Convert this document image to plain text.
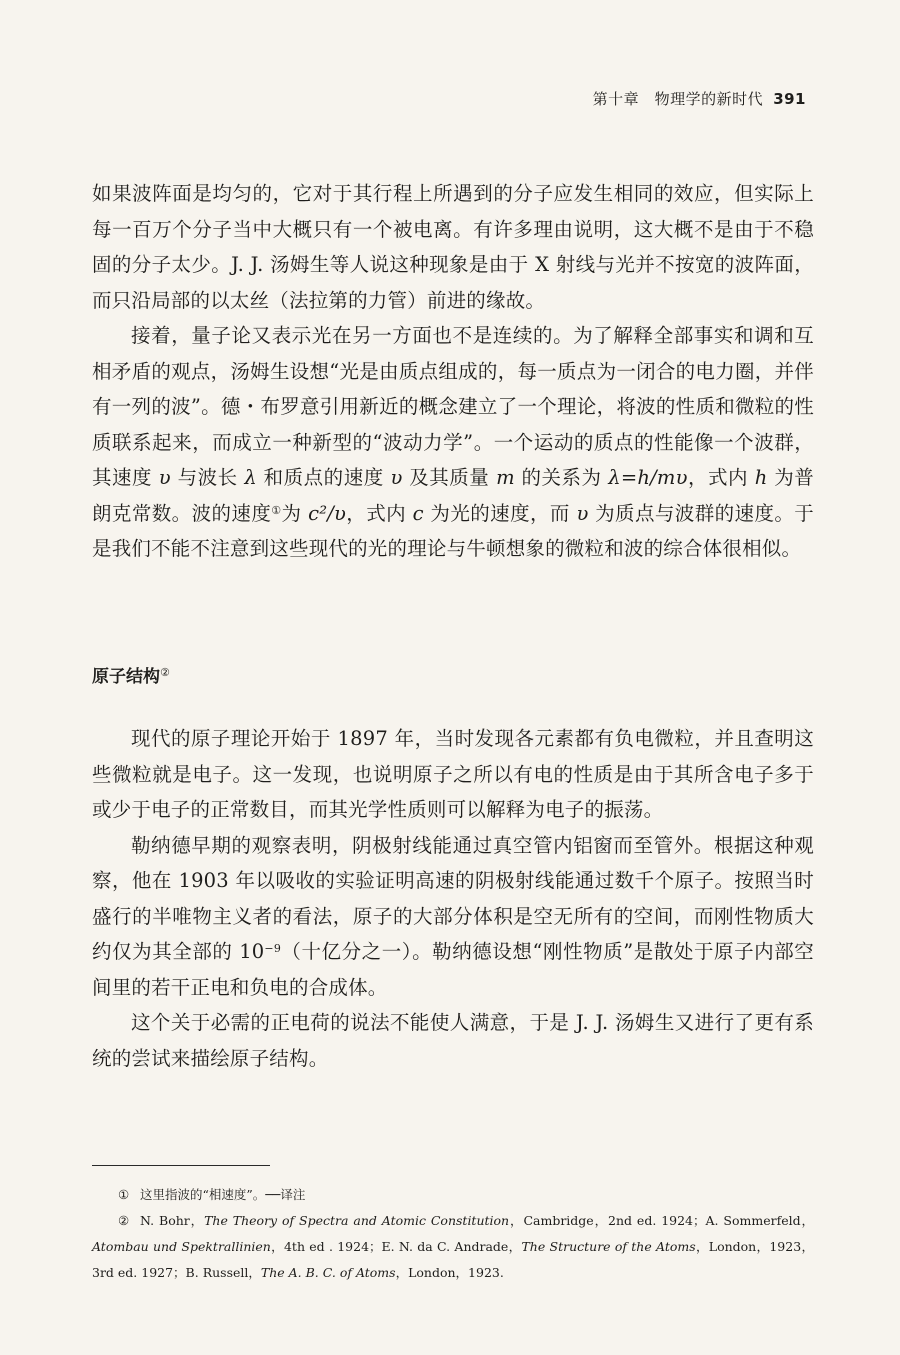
第十章　物理学的新时代 391

如果波阵面是均匀的，它对于其行程上所遇到的分子应发生相同的效应，但实际上每一百万个分子当中大概只有一个被电离。有许多理由说明，这大概不是由于不稳固的分子太少。J. J. 汤姆生等人说这种现象是由于 X 射线与光并不按宽的波阵面，而只沿局部的以太丝（法拉第的力管）前进的缘故。

接着，量子论又表示光在另一方面也不是连续的。为了解释全部事实和调和互相矛盾的观点，汤姆生设想“光是由质点组成的，每一质点为一闭合的电力圈，并伴有一列的波”。德・布罗意引用新近的概念建立了一个理论，将波的性质和微粒的性质联系起来，而成立一种新型的“波动力学”。一个运动的质点的性能像一个波群，其速度 υ 与波长 λ 和质点的速度 υ 及其质量 m 的关系为 λ=h/mυ，式内 h 为普朗克常数。波的速度①为 c²/υ，式内 c 为光的速度，而 υ 为质点与波群的速度。于是我们不能不注意到这些现代的光的理论与牛顿想象的微粒和波的综合体很相似。

原子结构②

现代的原子理论开始于 1897 年，当时发现各元素都有负电微粒，并且查明这些微粒就是电子。这一发现，也说明原子之所以有电的性质是由于其所含电子多于或少于电子的正常数目，而其光学性质则可以解释为电子的振荡。

勒纳德早期的观察表明，阴极射线能通过真空管内铝窗而至管外。根据这种观察，他在 1903 年以吸收的实验证明高速的阴极射线能通过数千个原子。按照当时盛行的半唯物主义者的看法，原子的大部分体积是空无所有的空间，而刚性物质大约仅为其全部的 $10^{-9}$（十亿分之一）。勒纳德设想“刚性物质”是散处于原子内部空间里的若干正电和负电的合成体。

这个关于必需的正电荷的说法不能使人满意，于是 J. J. 汤姆生又进行了更有系统的尝试来描绘原子结构。

① 这里指波的“相速度”。──译注

② N. Bohr，The Theory of Spectra and Atomic Constitution，Cambridge，2nd ed. 1924；A. Sommerfeld，Atombau und Spektrallinien，4th ed . 1924；E. N. da C. Andrade，The Structure of the Atoms，London，1923，3rd ed. 1927；B. Russell，The A. B. C. of Atoms，London，1923.
